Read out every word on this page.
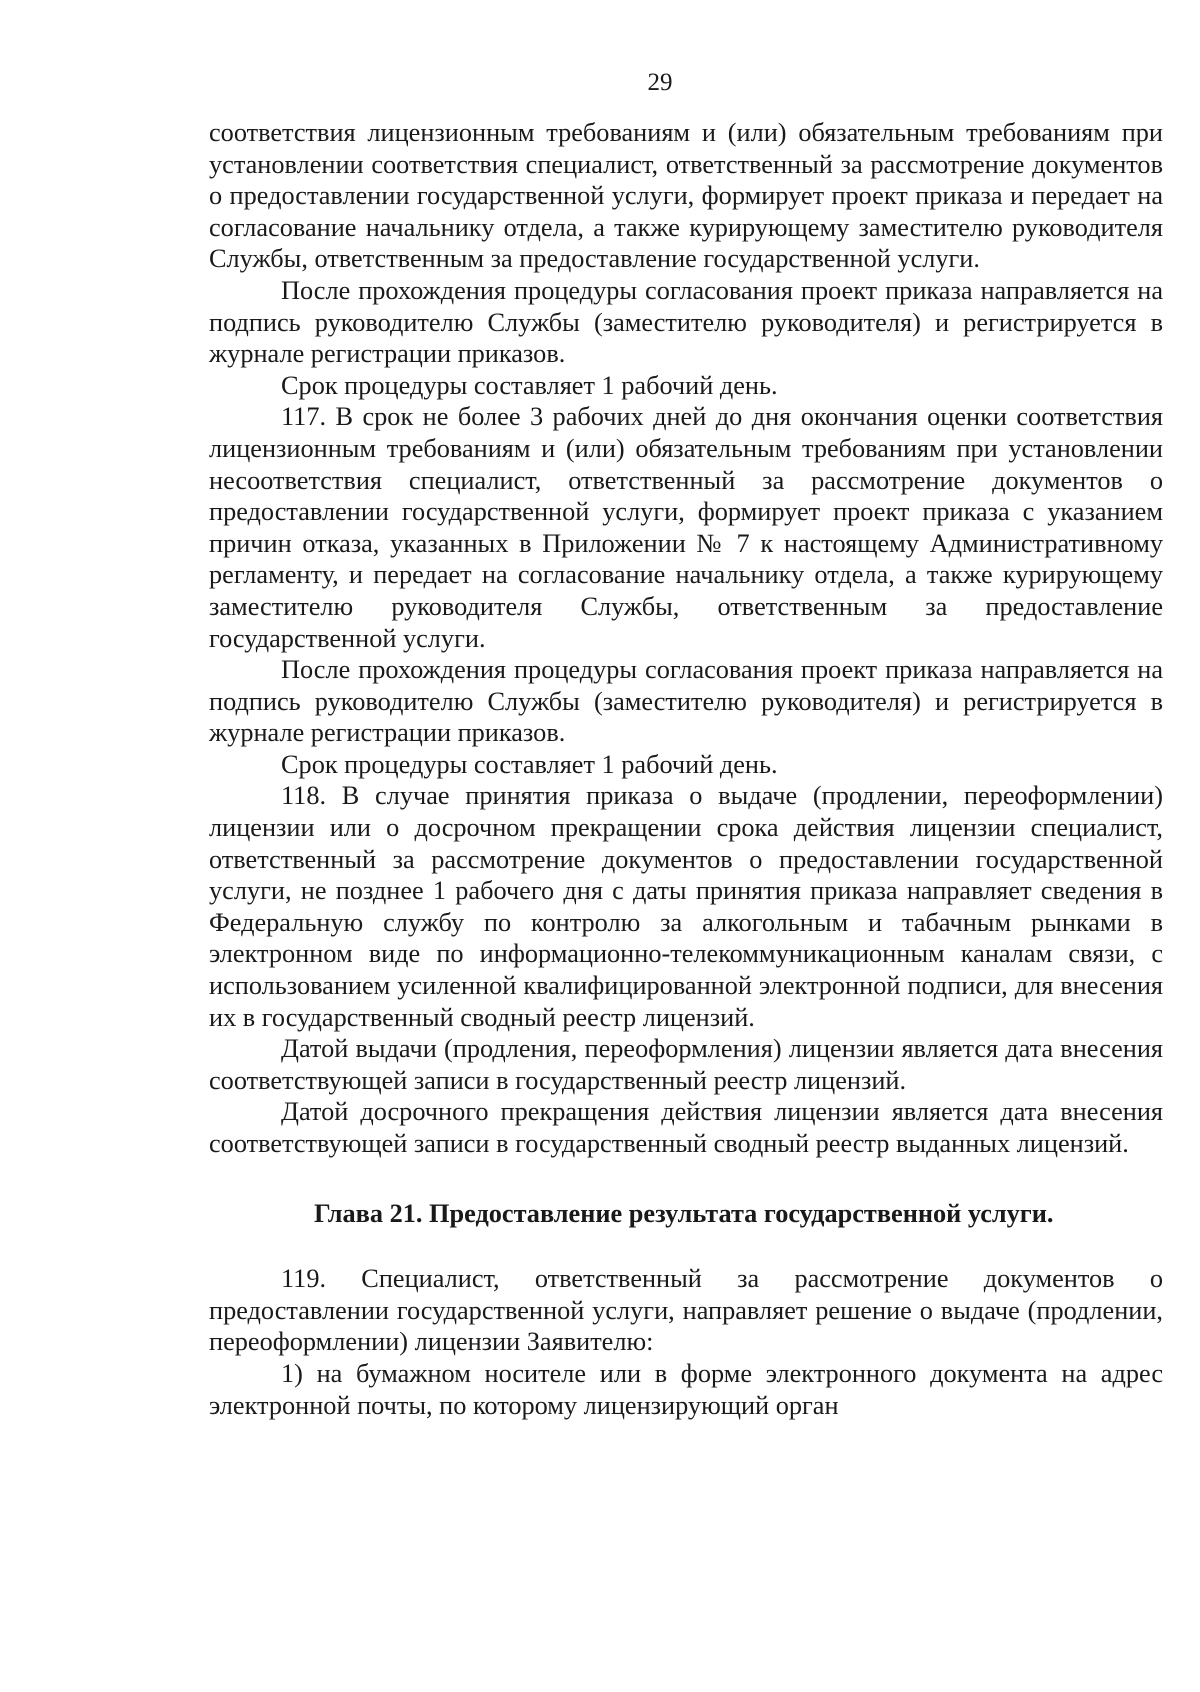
29

соответствия лицензионным требованиям и (или) обязательным требованиям при установлении соответствия специалист, ответственный за рассмотрение документов о предоставлении государственной услуги, формирует проект приказа и передает на согласование начальнику отдела, а также курирующему заместителю руководителя Службы, ответственным за предоставление государственной услуги.

После прохождения процедуры согласования проект приказа направляется на подпись руководителю Службы (заместителю руководителя) и регистрируется в журнале регистрации приказов.

Срок процедуры составляет 1 рабочий день.

117. В срок не более 3 рабочих дней до дня окончания оценки соответствия лицензионным требованиям и (или) обязательным требованиям при установлении несоответствия специалист, ответственный за рассмотрение документов о предоставлении государственной услуги, формирует проект приказа с указанием причин отказа, указанных в Приложении № 7 к настоящему Административному регламенту, и передает на согласование начальнику отдела, а также курирующему заместителю руководителя Службы, ответственным за предоставление государственной услуги.

После прохождения процедуры согласования проект приказа направляется на подпись руководителю Службы (заместителю руководителя) и регистрируется в журнале регистрации приказов.

Срок процедуры составляет 1 рабочий день.

118. В случае принятия приказа о выдаче (продлении, переоформлении) лицензии или о досрочном прекращении срока действия лицензии специалист, ответственный за рассмотрение документов о предоставлении государственной услуги, не позднее 1 рабочего дня с даты принятия приказа направляет сведения в Федеральную службу по контролю за алкогольным и табачным рынками в электронном виде по информационно-телекоммуникационным каналам связи, с использованием усиленной квалифицированной электронной подписи, для внесения их в государственный сводный реестр лицензий.

Датой выдачи (продления, переоформления) лицензии является дата внесения соответствующей записи в государственный реестр лицензий.

Датой досрочного прекращения действия лицензии является дата внесения соответствующей записи в государственный сводный реестр выданных лицензий.

Глава 21. Предоставление результата государственной услуги.

119. Специалист, ответственный за рассмотрение документов о предоставлении государственной услуги, направляет решение о выдаче (продлении, переоформлении) лицензии Заявителю:

1) на бумажном носителе или в форме электронного документа на адрес электронной почты, по которому лицензирующий орган
